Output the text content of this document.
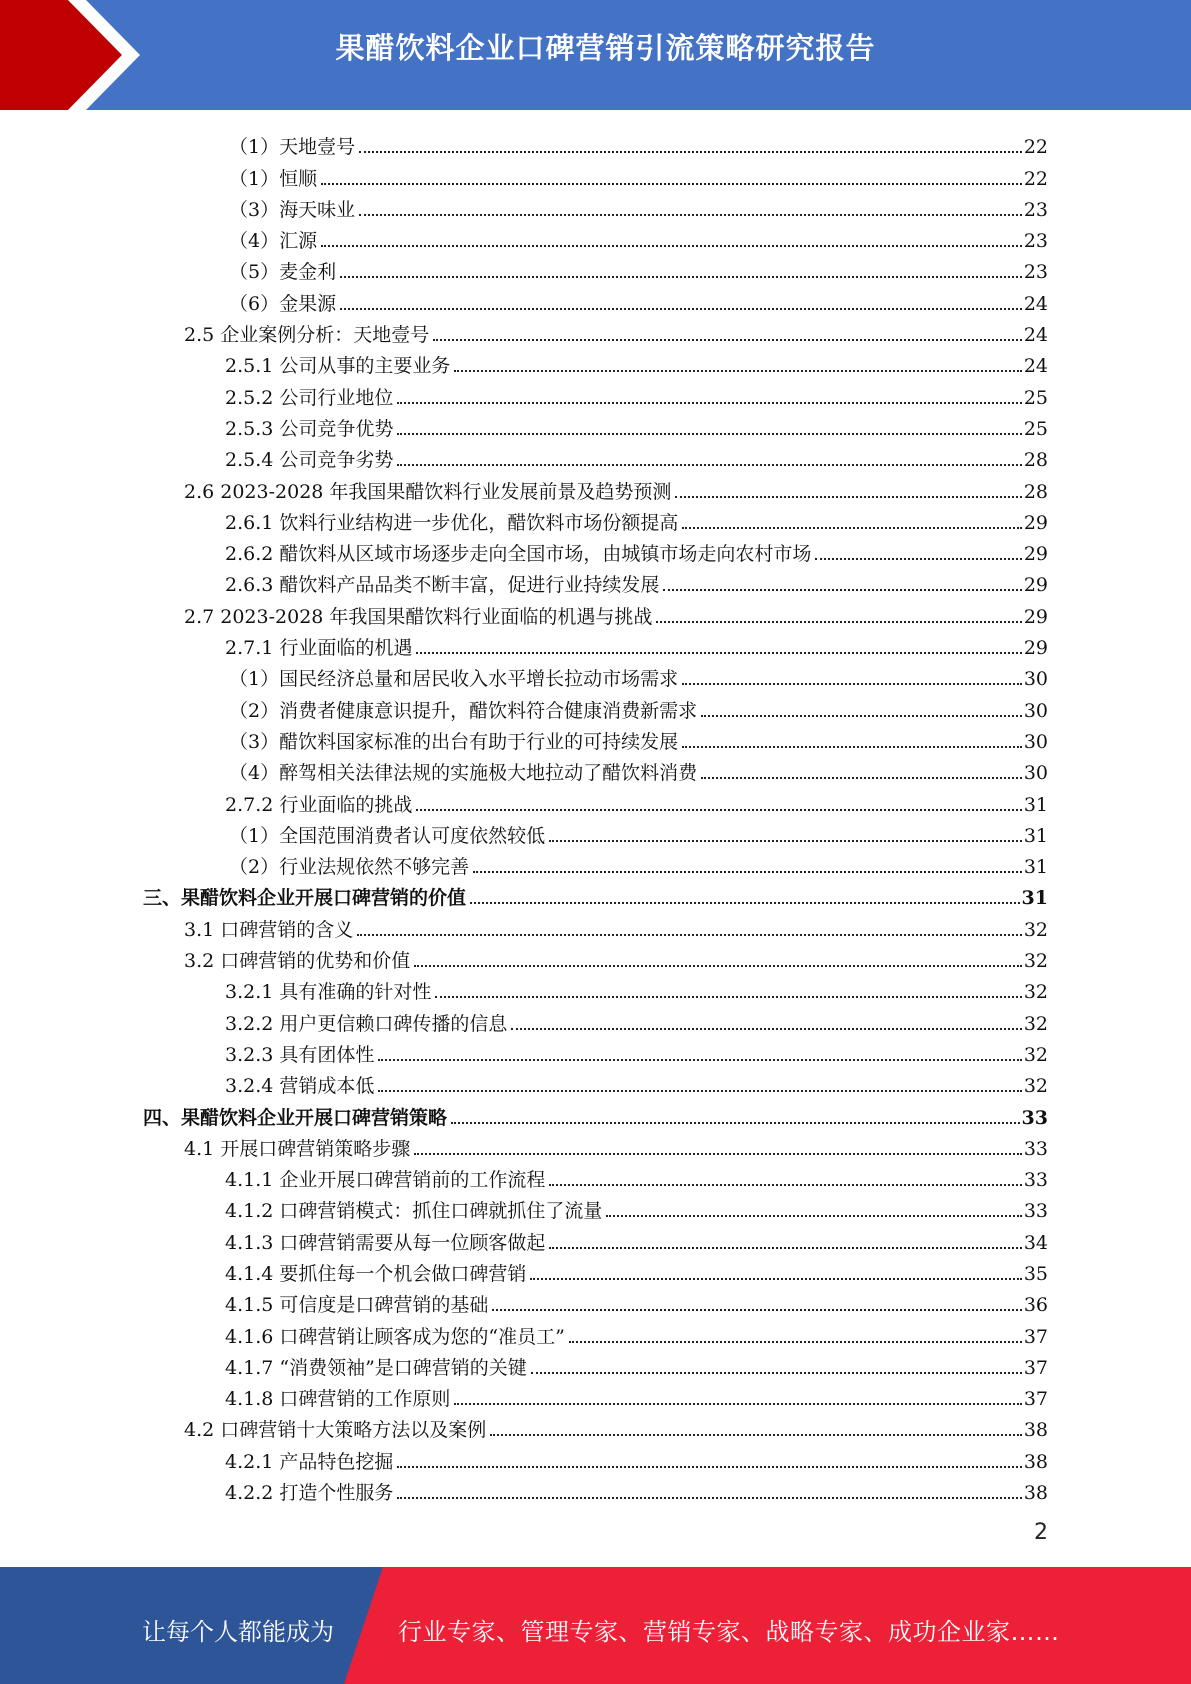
果醋饮料企业口碑营销引流策略研究报告
（1）天地壹号	22
（1）恒顺	22
（3）海天味业	23
（4）汇源	23
（5）麦金利	23
（6）金果源	24
2.5 企业案例分析：天地壹号	24
2.5.1 公司从事的主要业务	24
2.5.2 公司行业地位	25
2.5.3 公司竞争优势	25
2.5.4 公司竞争劣势	28
2.6 2023-2028 年我国果醋饮料行业发展前景及趋势预测	28
2.6.1 饮料行业结构进一步优化，醋饮料市场份额提高	29
2.6.2 醋饮料从区域市场逐步走向全国市场，由城镇市场走向农村市场	29
2.6.3 醋饮料产品品类不断丰富，促进行业持续发展	29
2.7 2023-2028 年我国果醋饮料行业面临的机遇与挑战	29
2.7.1 行业面临的机遇	29
（1）国民经济总量和居民收入水平增长拉动市场需求	30
（2）消费者健康意识提升，醋饮料符合健康消费新需求	30
（3）醋饮料国家标准的出台有助于行业的可持续发展	30
（4）醉驾相关法律法规的实施极大地拉动了醋饮料消费	30
2.7.2 行业面临的挑战	31
（1）全国范围消费者认可度依然较低	31
（2）行业法规依然不够完善	31
三、果醋饮料企业开展口碑营销的价值	31
3.1 口碑营销的含义	32
3.2 口碑营销的优势和价值	32
3.2.1 具有准确的针对性	32
3.2.2 用户更信赖口碑传播的信息	32
3.2.3 具有团体性	32
3.2.4 营销成本低	32
四、果醋饮料企业开展口碑营销策略	33
4.1 开展口碑营销策略步骤	33
4.1.1 企业开展口碑营销前的工作流程	33
4.1.2 口碑营销模式：抓住口碑就抓住了流量	33
4.1.3 口碑营销需要从每一位顾客做起	34
4.1.4 要抓住每一个机会做口碑营销	35
4.1.5 可信度是口碑营销的基础	36
4.1.6 口碑营销让顾客成为您的“准员工”	37
4.1.7 “消费领袖”是口碑营销的关键	37
4.1.8 口碑营销的工作原则	37
4.2 口碑营销十大策略方法以及案例	38
4.2.1 产品特色挖掘	38
4.2.2 打造个性服务	38
2
让每个人都能成为	行业专家、管理专家、营销专家、战略专家、成功企业家……
